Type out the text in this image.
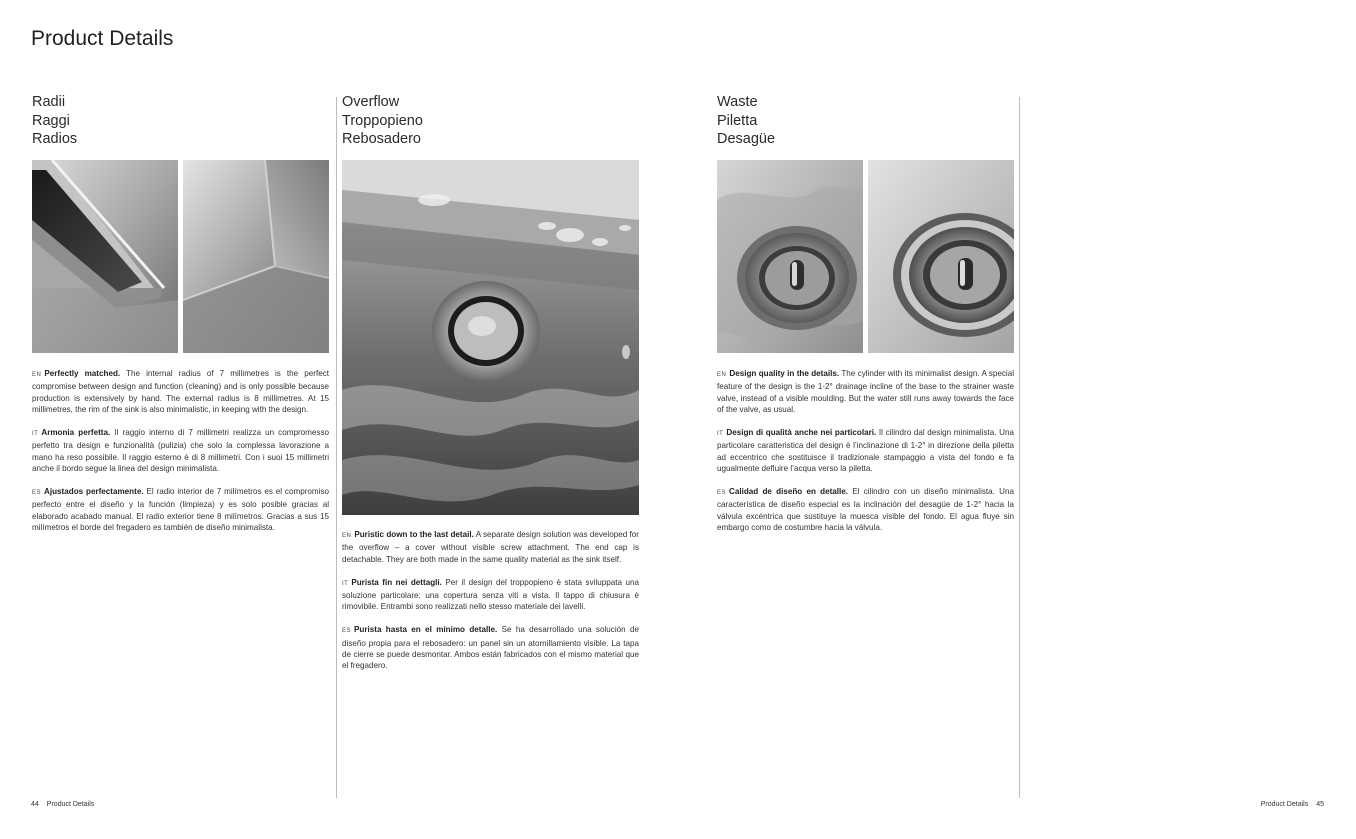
Product Details
Radii
Raggi
Radios

EN Perfectly matched. The internal radius of 7 millimetres is the perfect compromise between design and function (cleaning) and is only possible because production is extensively by hand. The external radius is 8 millimetres. At 15 millimetres, the rim of the sink is also minimalistic, in keeping with the design.

IT Armonia perfetta. Il raggio interno di 7 millimetri realizza un compromesso perfetto tra design e funzionalità (pulizia) che solo la complessa lavorazione a mano ha reso possibile. Il raggio esterno è di 8 millimetri. Con i suoi 15 millimetri anche il bordo segue la linea del design minimalista.

ES Ajustados perfectamente. El radio interior de 7 milímetros es el compromiso perfecto entre el diseño y la función (limpieza) y es solo posible gracias al elaborado acabado manual. El radio exterior tiene 8 milímetros. Gracias a sus 15 milímetros el borde del fregadero es también de diseño minimalista.

Overflow
Troppopieno
Rebosadero

EN Puristic down to the last detail. A separate design solution was developed for the overflow – a cover without visible screw attachment. The end cap is detachable. They are both made in the same quality material as the sink itself.

IT Purista fin nei dettagli. Per il design del troppopieno è stata sviluppata una soluzione particolare: una copertura senza viti a vista. Il tappo di chiusura è rimovibile. Entrambi sono realizzati nello stesso materiale dei lavelli.

ES Purista hasta en el mínimo detalle. Se ha desarrollado una solución de diseño propia para el rebosadero: un panel sin un atornillamiento visible. La tapa de cierre se puede desmontar. Ambos están fabricados con el mismo material que el fregadero.

Waste
Piletta
Desagüe

EN Design quality in the details. The cylinder with its minimalist design. A special feature of the design is the 1-2° drainage incline of the base to the strainer waste valve, instead of a visible moulding. But the water still runs away towards the face of the valve, as usual.

IT Design di qualità anche nei particolari. Il cilindro dal design minimalista. Una particolare caratteristica del design è l’inclinazione di 1-2° in direzione della piletta ad eccentrico che sostituisce il tradizionale stampaggio a vista del fondo e fa ugualmente defluire l’acqua verso la piletta.

ES Calidad de diseño en detalle. El cilindro con un diseño minimalista. Una característica de diseño especial es la inclinación del desagüe de 1-2° hacia la válvula excéntrica que sustituye la muesca visible del fondo. El agua fluye sin embargo como de costumbre hacia la válvula.

44 Product Details	Product Details 45
